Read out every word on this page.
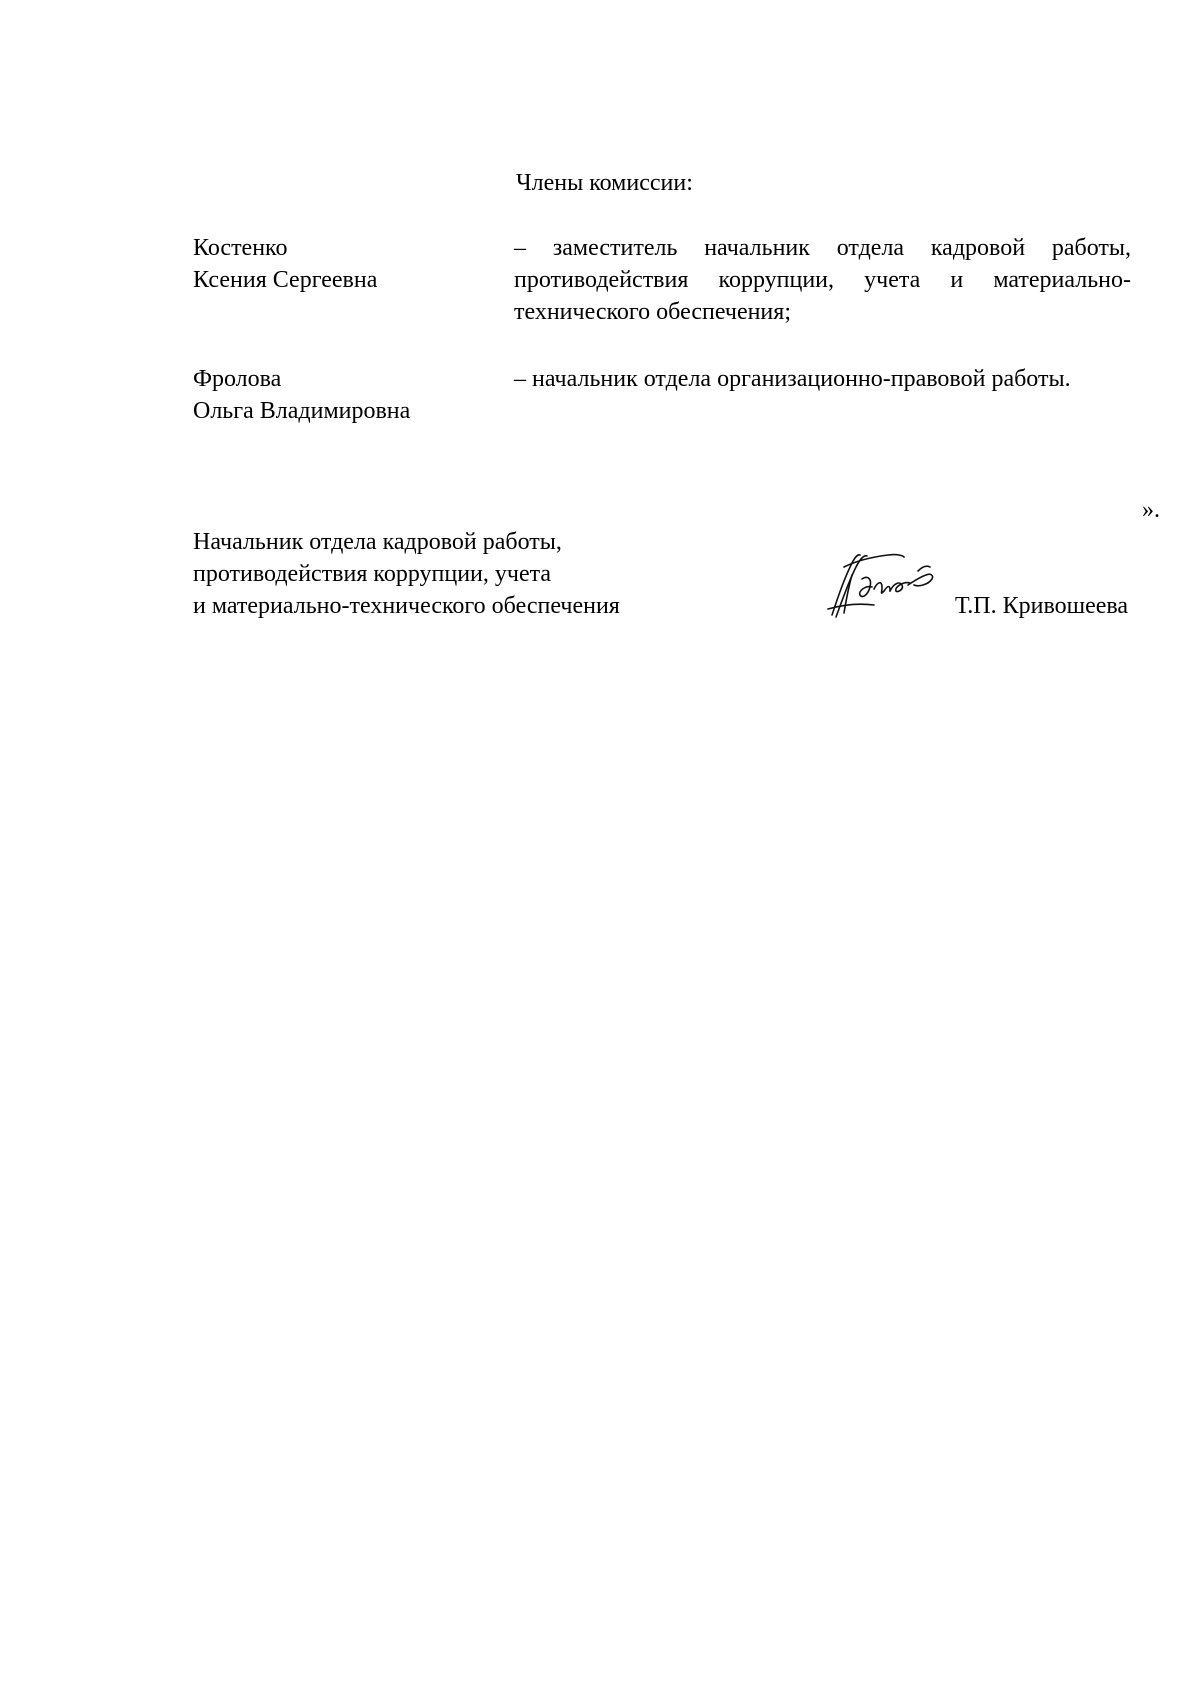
Члены комиссии:
Костенко
Ксения Сергеевна
– заместитель начальник отдела кадровой работы, противодействия коррупции, учета и материально-технического обеспечения;
Фролова
Ольга Владимировна
– начальник отдела организационно-правовой работы.
».
Начальник отдела кадровой работы,
противодействия коррупции, учета
и материально-технического обеспечения	Т.П. Кривошеева
